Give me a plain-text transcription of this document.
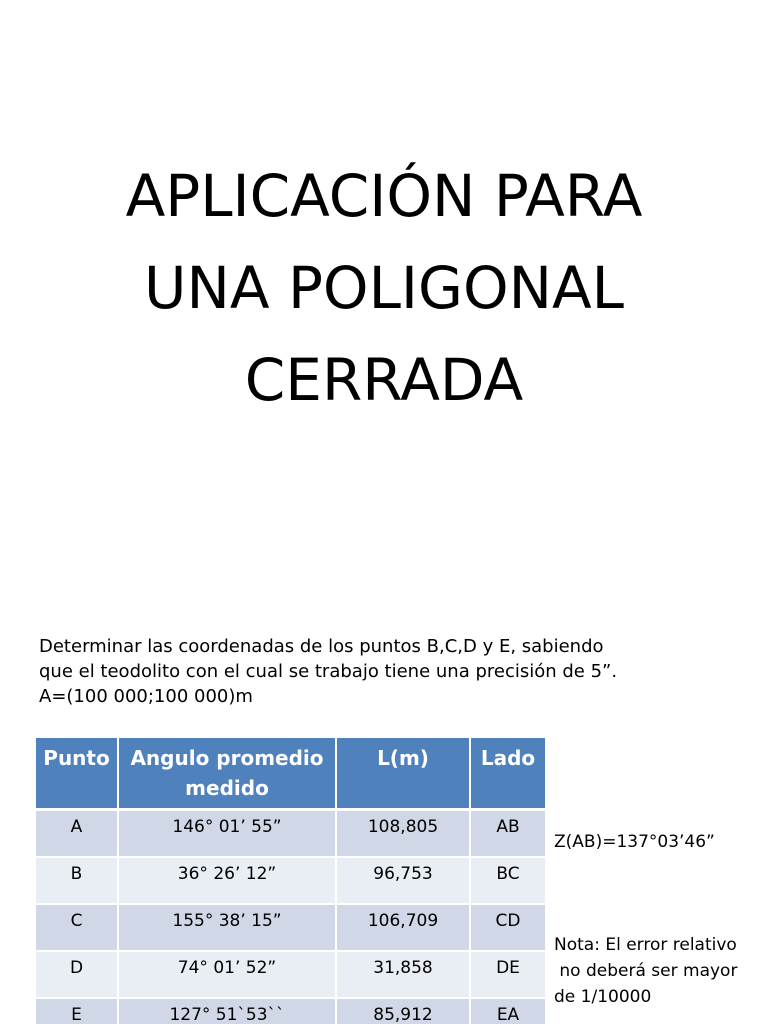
APLICACIÓN PARA
UNA POLIGONAL
CERRADA
Determinar las coordenadas de los puntos B,C,D y E, sabiendo
que el teodolito con el cual se trabajo tiene una precisión de 5”.
A=(100 000;100 000)m
Punto	Angulo promedio medido	L(m)	Lado
A	146° 01’ 55”	108,805	AB
B	36° 26’ 12”	96,753	BC
C	155° 38’ 15”	106,709	CD
D	74° 01’ 52”	31,858	DE
E	127° 51`53``	85,912	EA
Z(AB)=137°03’46”
Nota: El error relativo
no deberá ser mayor
de 1/10000
